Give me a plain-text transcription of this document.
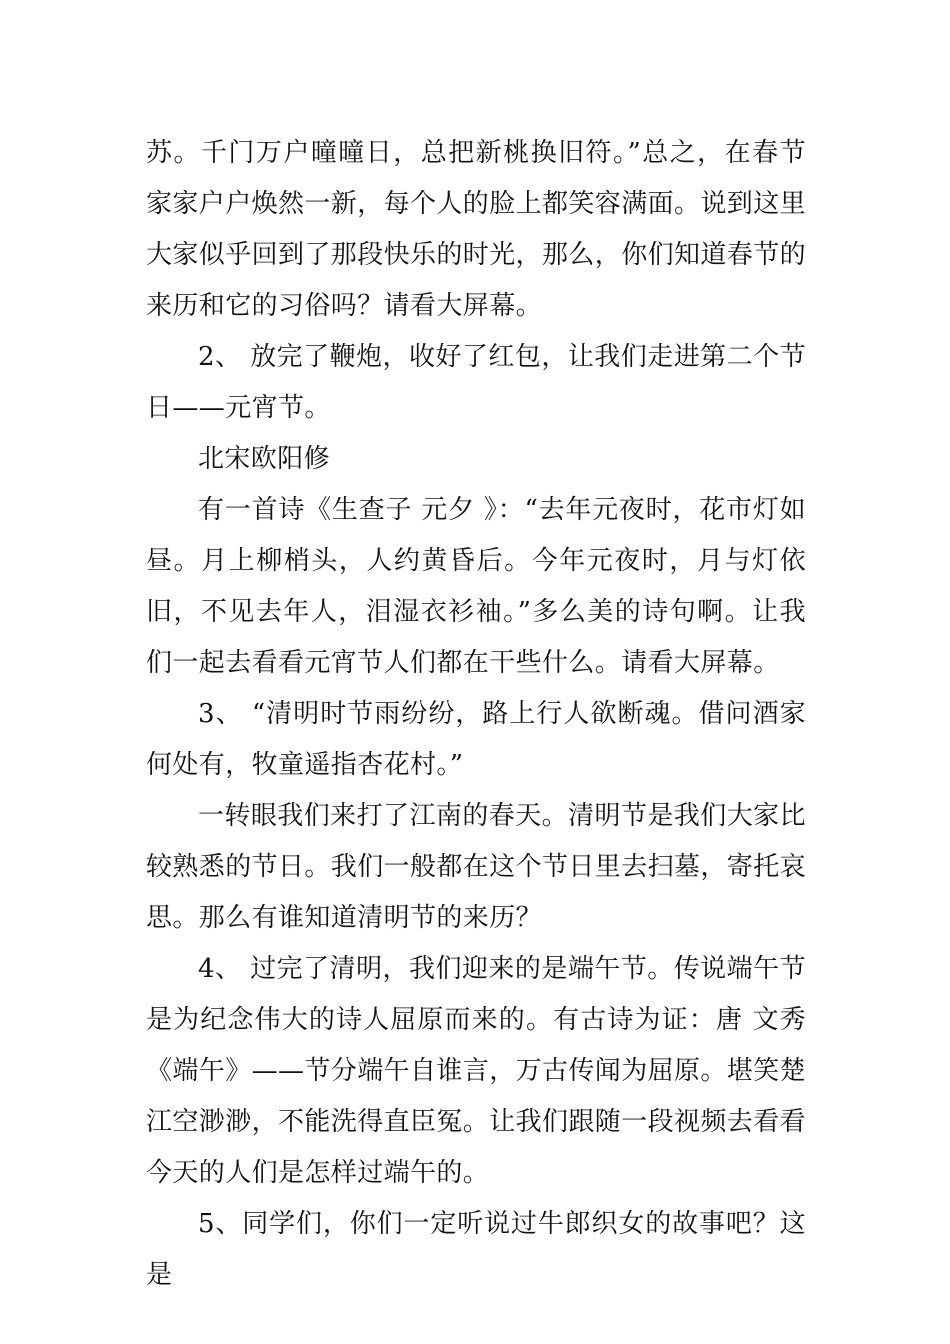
苏。千门万户曈曈日，总把新桃换旧符。”总之，在春节家家户户焕然一新，每个人的脸上都笑容满面。说到这里大家似乎回到了那段快乐的时光，那么，你们知道春节的来历和它的习俗吗？请看大屏幕。

2、 放完了鞭炮，收好了红包，让我们走进第二个节日——元宵节。

北宋欧阳修

有一首诗《生查子 元夕 》：“去年元夜时，花市灯如昼。月上柳梢头，人约黄昏后。今年元夜时，月与灯依旧，不见去年人，泪湿衣衫袖。”多么美的诗句啊。让我们一起去看看元宵节人们都在干些什么。请看大屏幕。

3、 “清明时节雨纷纷，路上行人欲断魂。借问酒家何处有，牧童遥指杏花村。”

一转眼我们来打了江南的春天。清明节是我们大家比较熟悉的节日。我们一般都在这个节日里去扫墓，寄托哀思。那么有谁知道清明节的来历？

4、 过完了清明，我们迎来的是端午节。传说端午节是为纪念伟大的诗人屈原而来的。有古诗为证：唐 文秀《端午》——节分端午自谁言，万古传闻为屈原。堪笑楚江空渺渺，不能洗得直臣冤。让我们跟随一段视频去看看今天的人们是怎样过端午的。

5、同学们，你们一定听说过牛郎织女的故事吧？这是
